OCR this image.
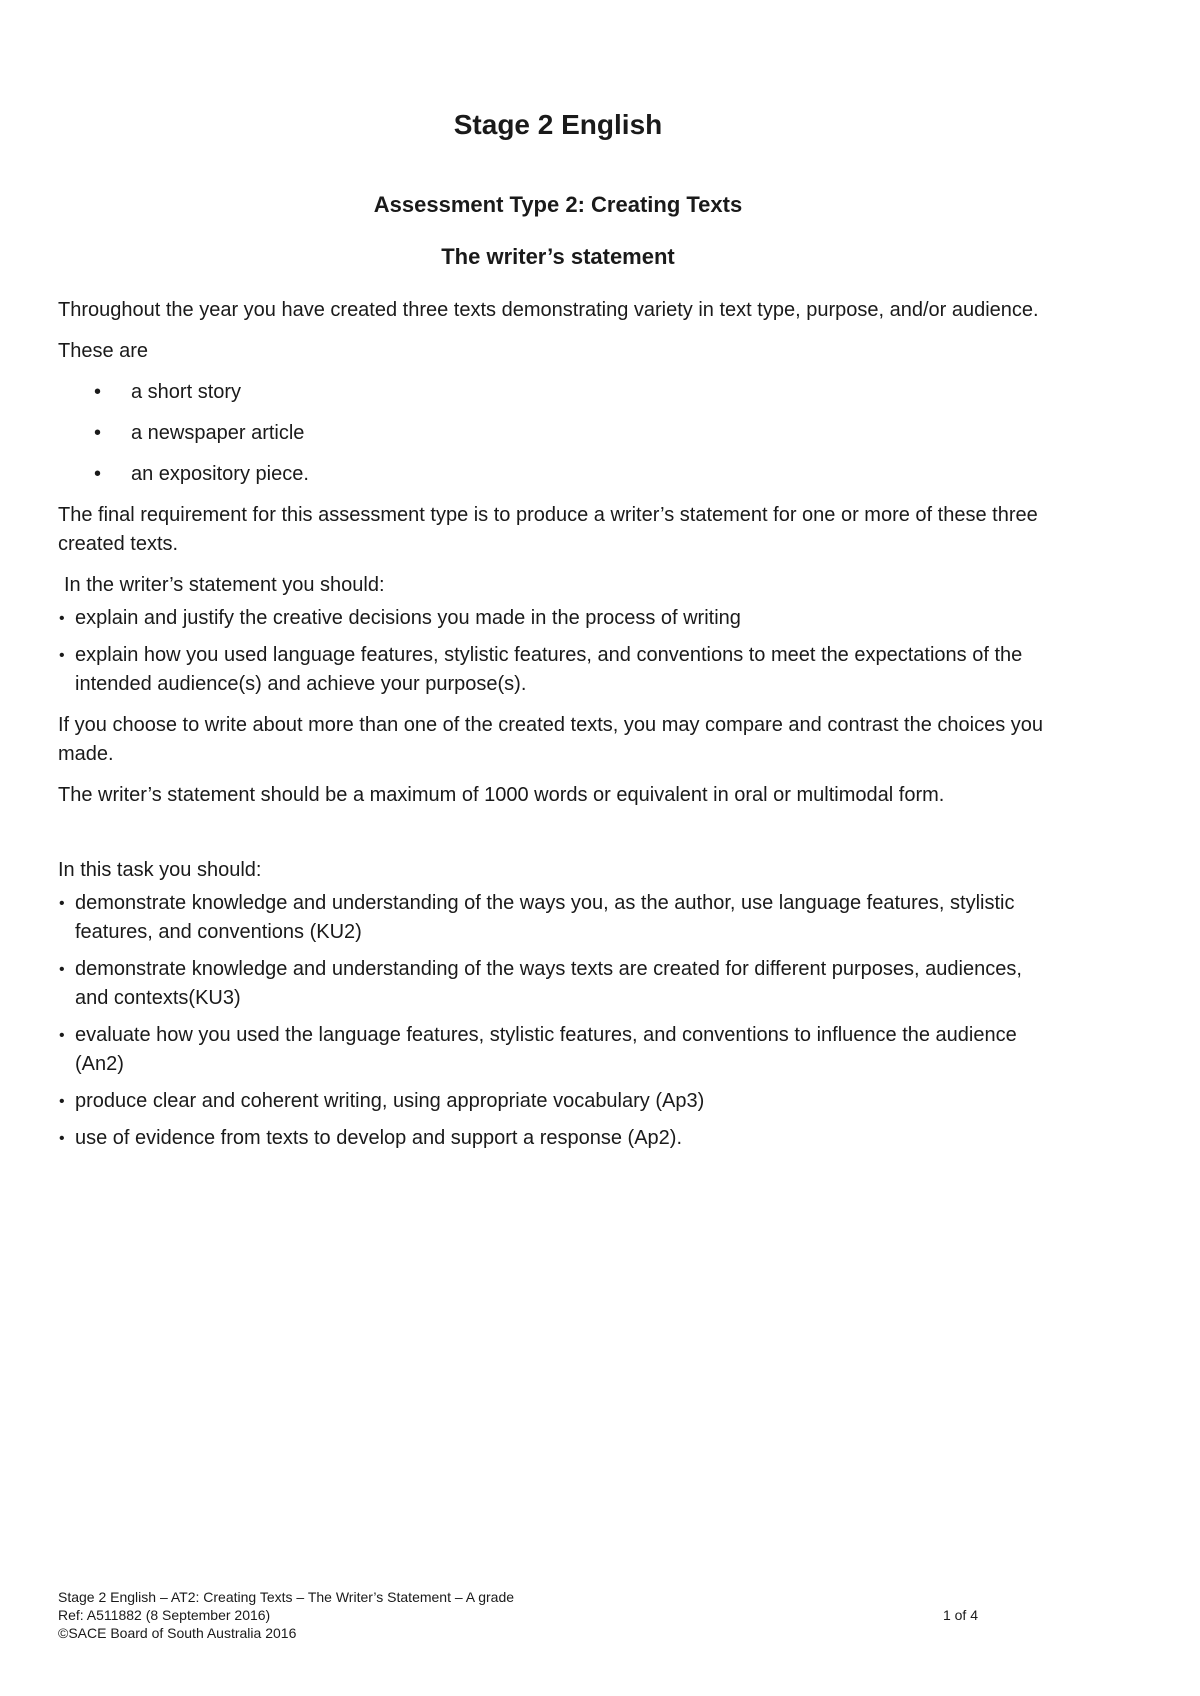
Stage 2 English
Assessment Type 2: Creating Texts
The writer’s statement

Throughout the year you have created three texts demonstrating variety in text type, purpose, and/or audience.

These are

• a short story
• a newspaper article
• an expository piece.

The final requirement for this assessment type is to produce a writer’s statement for one or more of these three created texts.

In the writer’s statement you should:

• explain and justify the creative decisions you made in the process of writing
• explain how you used language features, stylistic features, and conventions to meet the expectations of the intended audience(s) and achieve your purpose(s).

If you choose to write about more than one of the created texts, you may compare and contrast the choices you made.

The writer’s statement should be a maximum of 1000 words or equivalent in oral or multimodal form.

In this task you should:

• demonstrate knowledge and understanding of the ways you, as the author, use language features, stylistic features, and conventions (KU2)
• demonstrate knowledge and understanding of the ways texts are created for different purposes, audiences, and contexts(KU3)
• evaluate how you used the language features, stylistic features, and conventions to influence the audience (An2)
• produce clear and coherent writing, using appropriate vocabulary (Ap3)
• use of evidence from texts to develop and support a response (Ap2).
Stage 2 English – AT2: Creating Texts – The Writer’s Statement – A grade
Ref: A511882 (8 September 2016)	1 of 4
©SACE Board of South Australia 2016
